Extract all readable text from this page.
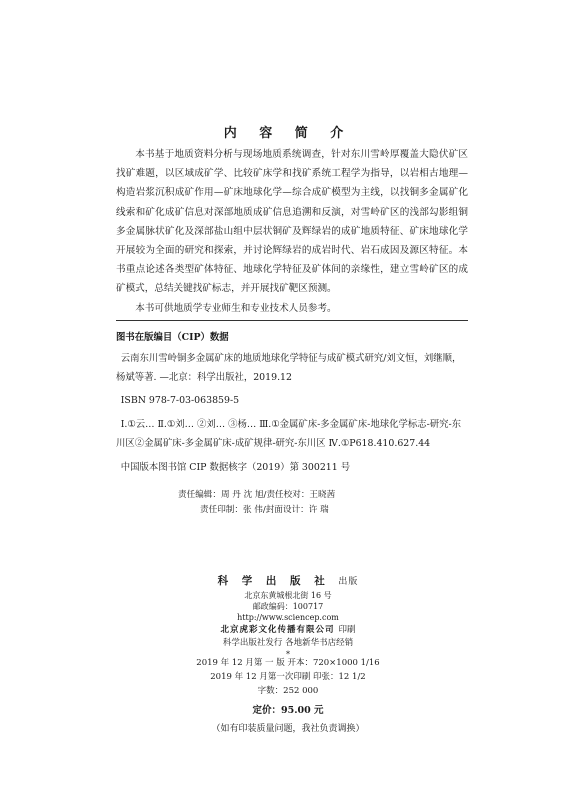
内 容 简 介

本书基于地质资料分析与现场地质系统调查，针对东川雪岭厚覆盖大隐伏矿区找矿难题，以区域成矿学、比较矿床学和找矿系统工程学为指导，以岩相古地理—构造岩浆沉积成矿作用—矿床地球化学—综合成矿模型为主线，以找铜多金属矿化线索和矿化成矿信息对深部地质成矿信息追溯和反演，对雪岭矿区的浅部勾影组铜多金属脉状矿化及深部盐山组中层状铜矿及辉绿岩的成矿地质特征、矿床地球化学开展较为全面的研究和探索，并讨论辉绿岩的成岩时代、岩石成因及源区特征。本书重点论述各类型矿体特征、地球化学特征及矿体间的亲缘性，建立雪岭矿区的成矿模式，总结关键找矿标志，并开展找矿靶区预测。

本书可供地质学专业师生和专业技术人员参考。

图书在版编目（CIP）数据

云南东川雪岭铜多金属矿床的地质地球化学特征与成矿模式研究/刘文恒，刘继顺，杨斌等著. —北京：科学出版社，2019.12

ISBN 978-7-03-063859-5

Ⅰ.①云… Ⅱ.①刘… ②刘… ③杨… Ⅲ.①金属矿床-多金属矿床-地球化学标志-研究-东川区②金属矿床-多金属矿床-成矿规律-研究-东川区 Ⅳ.①P618.410.627.44

中国版本图书馆 CIP 数据核字（2019）第 300211 号

责任编辑：周 丹 沈 旭/责任校对：王晓茜
责任印制：张 伟/封面设计：许 瑞
科 学 出 版 社 出版
北京东黄城根北街 16 号
邮政编码：100717
http://www.sciencep.com
北京虎彩文化传播有限公司 印刷
科学出版社发行 各地新华书店经销
*
2019 年 12 月第 一 版 开本：720×1000 1/16
2019 年 12 月第一次印刷 印张：12 1/2
字数：252 000
定价：95.00 元
（如有印装质量问题，我社负责调换）
